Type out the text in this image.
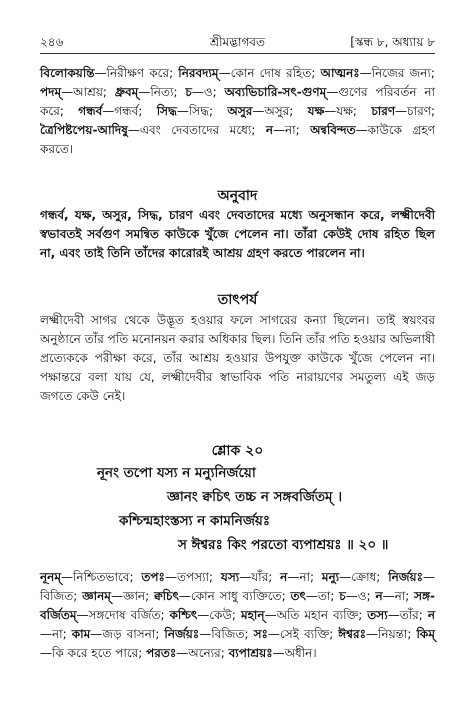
২৪৬	শ্রীমদ্ভাগবত	[স্কন্ধ ৮, অধ্যায় ৮

বিলোকয়ন্তি—নিরীক্ষণ করে; নিরবদ্যম্—কোন দোষ রহিত; আত্মনঃ—নিজের জন্য; পদম্—আশ্রয়; ধ্রুবম্—নিত্য; চ—ও; অব্যভিচারি-সৎ-গুণম্—গুণের পরিবর্তন না করে; গন্ধর্ব—গন্ধর্ব; সিদ্ধ—সিদ্ধ; অসুর—অসুর; যক্ষ—যক্ষ; চারণ—চারণ; ত্রৈপিষ্টপেয়-আদিষু—এবং দেবতাদের মধ্যে; ন—না; অন্ববিন্দত—কাউকে গ্রহণ করতে।

অনুবাদ

গন্ধর্ব, যক্ষ, অসুর, সিদ্ধ, চারণ এবং দেবতাদের মধ্যে অনুসন্ধান করে, লক্ষ্মীদেবী স্বভাবতই সর্বগুণ সমন্বিত কাউকে খুঁজে পেলেন না। তাঁরা কেউই দোষ রহিত ছিল না, এবং তাই তিনি তাঁদের কারোরই আশ্রয় গ্রহণ করতে পারলেন না।

তাৎপর্য

লক্ষ্মীদেবী সাগর থেকে উদ্ভূত হওয়ার ফলে সাগরের কন্যা ছিলেন। তাই স্বয়ংবর অনুষ্ঠানে তাঁর পতি মনোনয়ন করার অধিকার ছিল। তিনি তাঁর পতি হওয়ার অভিলাষী প্রত্যেককে পরীক্ষা করে, তাঁর আশ্রয় হওয়ার উপযুক্ত কাউকে খুঁজে পেলেন না। পক্ষান্তরে বলা যায় যে, লক্ষ্মীদেবীর স্বাভাবিক পতি নারায়ণের সমতুল্য এই জড় জগতে কেউ নেই।

শ্লোক ২০
নূনং তপো যস্য ন মন্যুনির্জয়ো
জ্ঞানং ক্বচিৎ তচ্চ ন সঙ্গবর্জিতম্ ।
কশ্চিন্মহাংস্তস্য ন কামনির্জয়ঃ
স ঈশ্বরঃ কিং পরতো ব্যপাশ্রয়ঃ ॥ ২০ ॥

নূনম্—নিশ্চিতভাবে; তপঃ—তপস্যা; যস্য—যাঁর; ন—না; মন্যু—ক্রোধ; নির্জয়ঃ—বিজিত; জ্ঞানম্—জ্ঞান; ক্বচিৎ—কোন সাধু ব্যক্তিতে; তৎ—তা; চ—ও; ন—না; সঙ্গ-বর্জিতম্—সঙ্গদোষ বর্জিত; কশ্চিৎ—কেউ; মহান্—অতি মহান ব্যক্তি; তস্য—তাঁর; ন—না; কাম—জড় বাসনা; নির্জয়ঃ—বিজিত; সঃ—সেই ব্যক্তি; ঈশ্বরঃ—নিয়ন্তা; কিম্—কি করে হতে পারে; পরতঃ—অন্যের; ব্যপাশ্রয়ঃ—অধীন।
